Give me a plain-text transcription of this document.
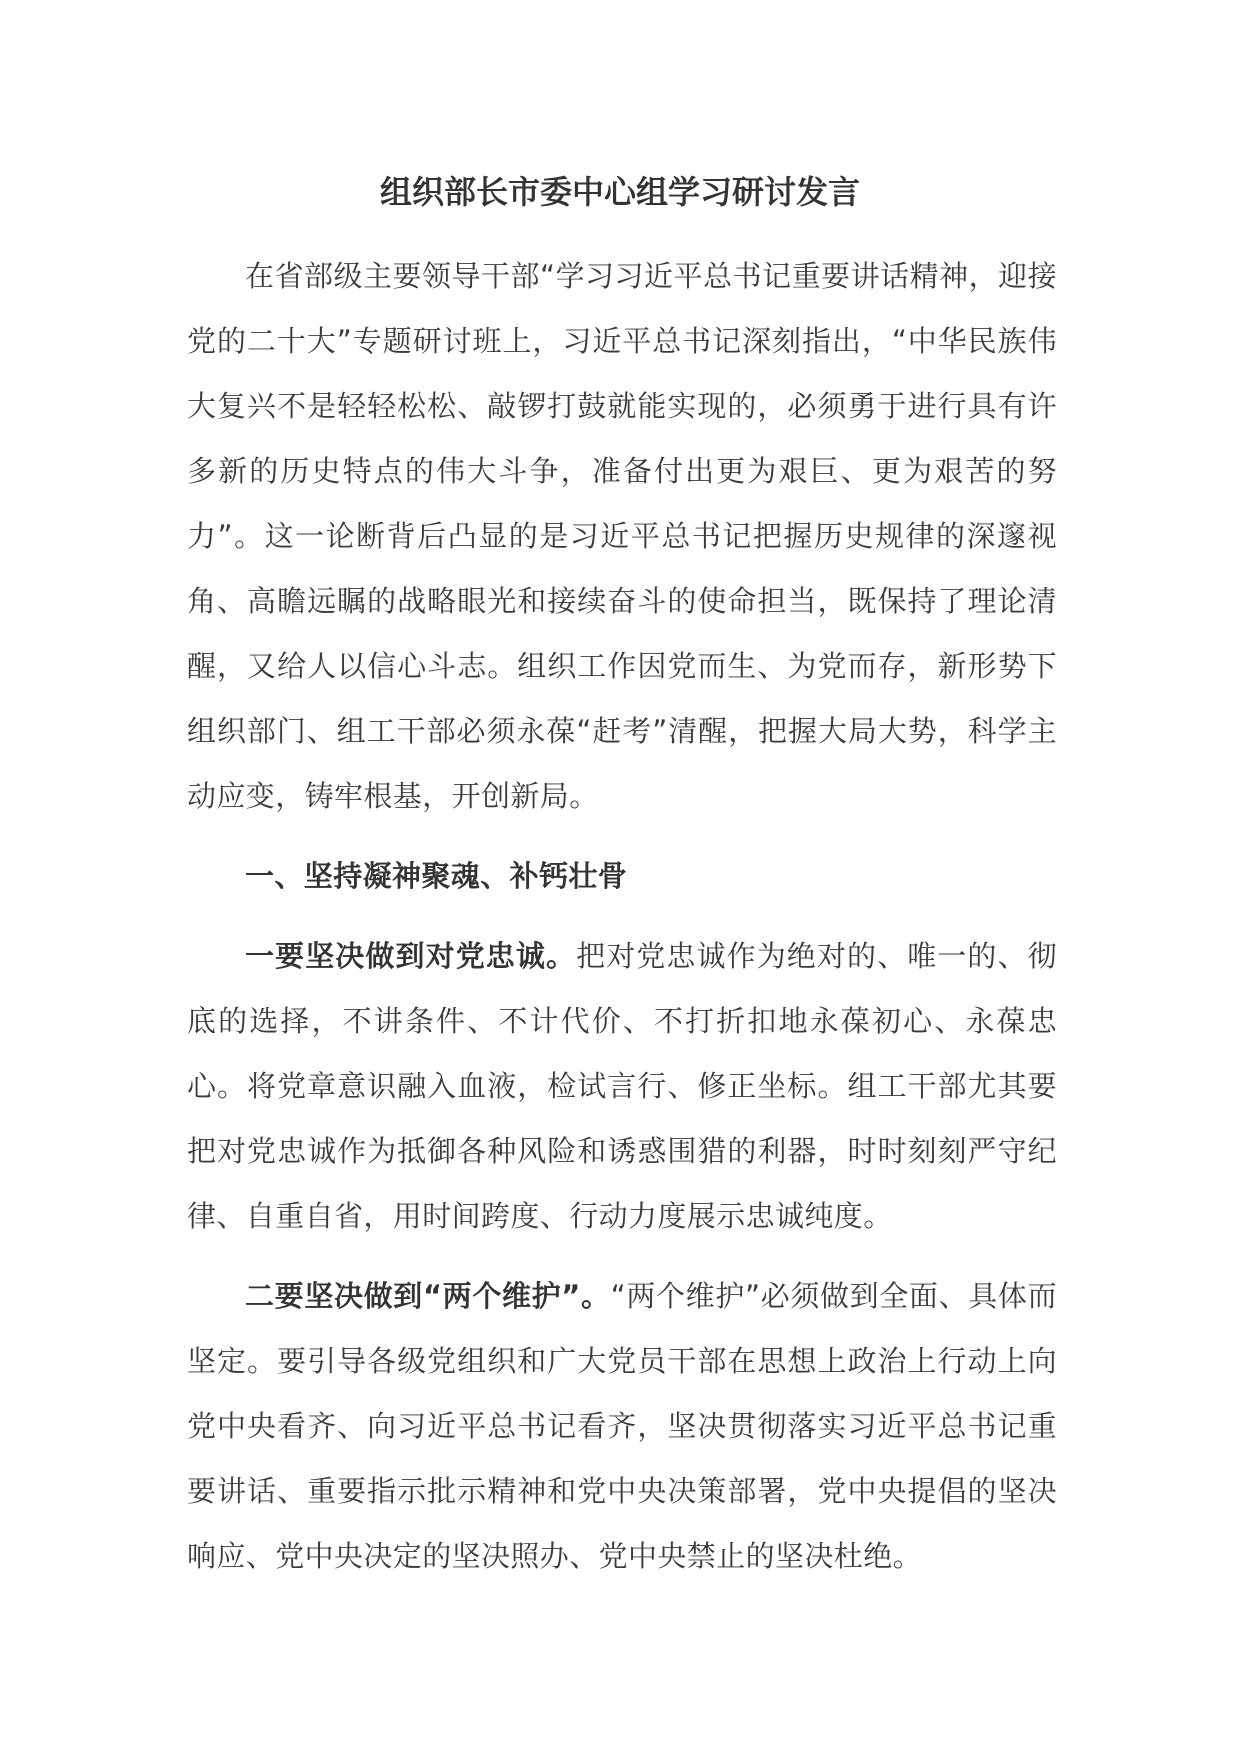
组织部长市委中心组学习研讨发言

在省部级主要领导干部“学习习近平总书记重要讲话精神，迎接党的二十大”专题研讨班上，习近平总书记深刻指出，“中华民族伟大复兴不是轻轻松松、敲锣打鼓就能实现的，必须勇于进行具有许多新的历史特点的伟大斗争，准备付出更为艰巨、更为艰苦的努力”。这一论断背后凸显的是习近平总书记把握历史规律的深邃视角、高瞻远瞩的战略眼光和接续奋斗的使命担当，既保持了理论清醒，又给人以信心斗志。组织工作因党而生、为党而存，新形势下组织部门、组工干部必须永葆“赶考”清醒，把握大局大势，科学主动应变，铸牢根基，开创新局。

一、坚持凝神聚魂、补钙壮骨

一要坚决做到对党忠诚。把对党忠诚作为绝对的、唯一的、彻底的选择，不讲条件、不计代价、不打折扣地永葆初心、永葆忠心。将党章意识融入血液，检试言行、修正坐标。组工干部尤其要把对党忠诚作为抵御各种风险和诱惑围猎的利器，时时刻刻严守纪律、自重自省，用时间跨度、行动力度展示忠诚纯度。

二要坚决做到“两个维护”。“两个维护”必须做到全面、具体而坚定。要引导各级党组织和广大党员干部在思想上政治上行动上向党中央看齐、向习近平总书记看齐，坚决贯彻落实习近平总书记重要讲话、重要指示批示精神和党中央决策部署，党中央提倡的坚决响应、党中央决定的坚决照办、党中央禁止的坚决杜绝。
